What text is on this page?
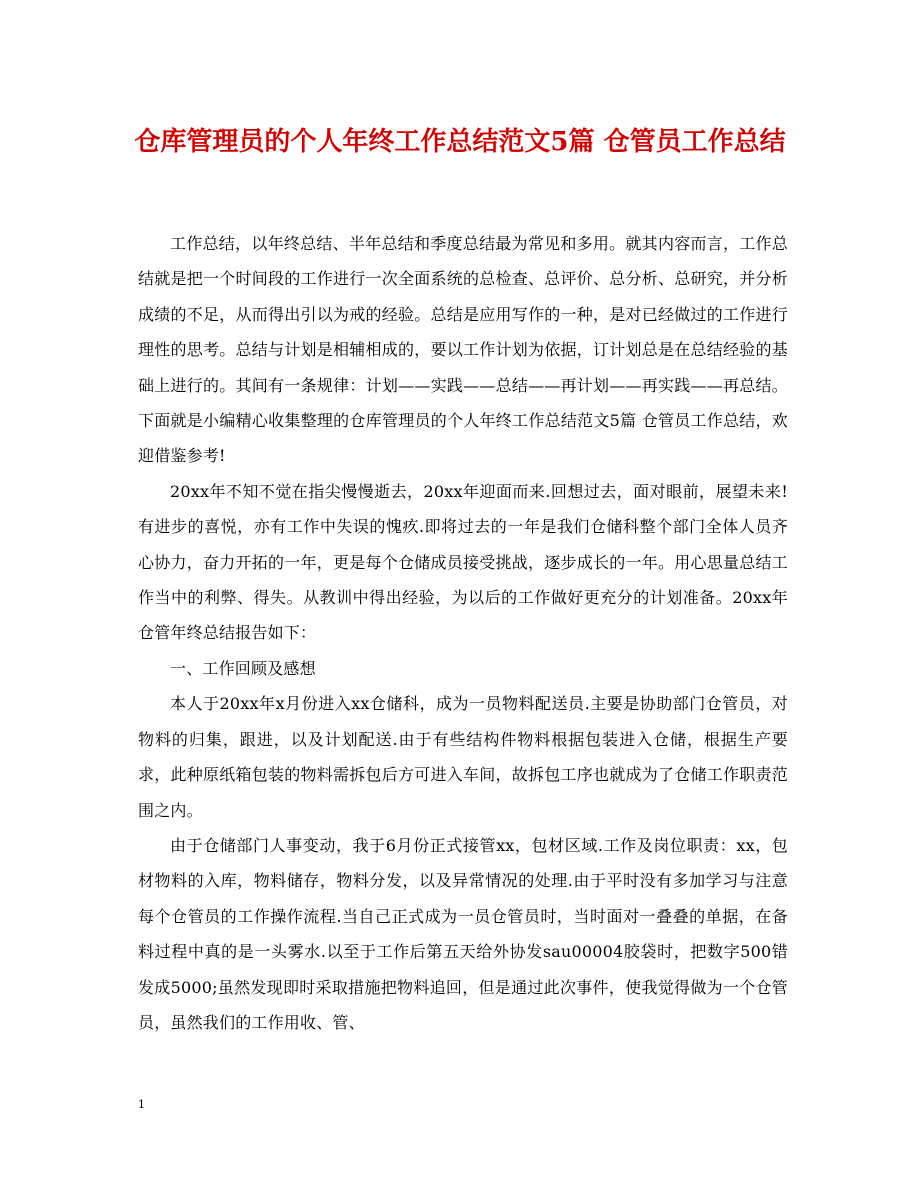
仓库管理员的个人年终工作总结范文5篇 仓管员工作总结

工作总结，以年终总结、半年总结和季度总结最为常见和多用。就其内容而言，工作总结就是把一个时间段的工作进行一次全面系统的总检查、总评价、总分析、总研究，并分析成绩的不足，从而得出引以为戒的经验。总结是应用写作的一种，是对已经做过的工作进行理性的思考。总结与计划是相辅相成的，要以工作计划为依据，订计划总是在总结经验的基础上进行的。其间有一条规律：计划——实践——总结——再计划——再实践——再总结。下面就是小编精心收集整理的仓库管理员的个人年终工作总结范文5篇 仓管员工作总结，欢迎借鉴参考!

20xx年不知不觉在指尖慢慢逝去，20xx年迎面而来.回想过去，面对眼前，展望未来!有进步的喜悦，亦有工作中失误的愧疚.即将过去的一年是我们仓储科整个部门全体人员齐心协力，奋力开拓的一年，更是每个仓储成员接受挑战，逐步成长的一年。用心思量总结工作当中的利弊、得失。从教训中得出经验，为以后的工作做好更充分的计划准备。20xx年仓管年终总结报告如下：

一、工作回顾及感想

本人于20xx年x月份进入xx仓储科，成为一员物料配送员.主要是协助部门仓管员，对物料的归集，跟进，以及计划配送.由于有些结构件物料根据包装进入仓储，根据生产要求，此种原纸箱包装的物料需拆包后方可进入车间，故拆包工序也就成为了仓储工作职责范围之内。

由于仓储部门人事变动，我于6月份正式接管xx，包材区域.工作及岗位职责：xx，包材物料的入库，物料储存，物料分发，以及异常情况的处理.由于平时没有多加学习与注意每个仓管员的工作操作流程.当自己正式成为一员仓管员时，当时面对一叠叠的单据，在备料过程中真的是一头雾水.以至于工作后第五天给外协发sau00004胶袋时，把数字500错发成5000;虽然发现即时采取措施把物料追回，但是通过此次事件，使我觉得做为一个仓管员，虽然我们的工作用收、管、

1
